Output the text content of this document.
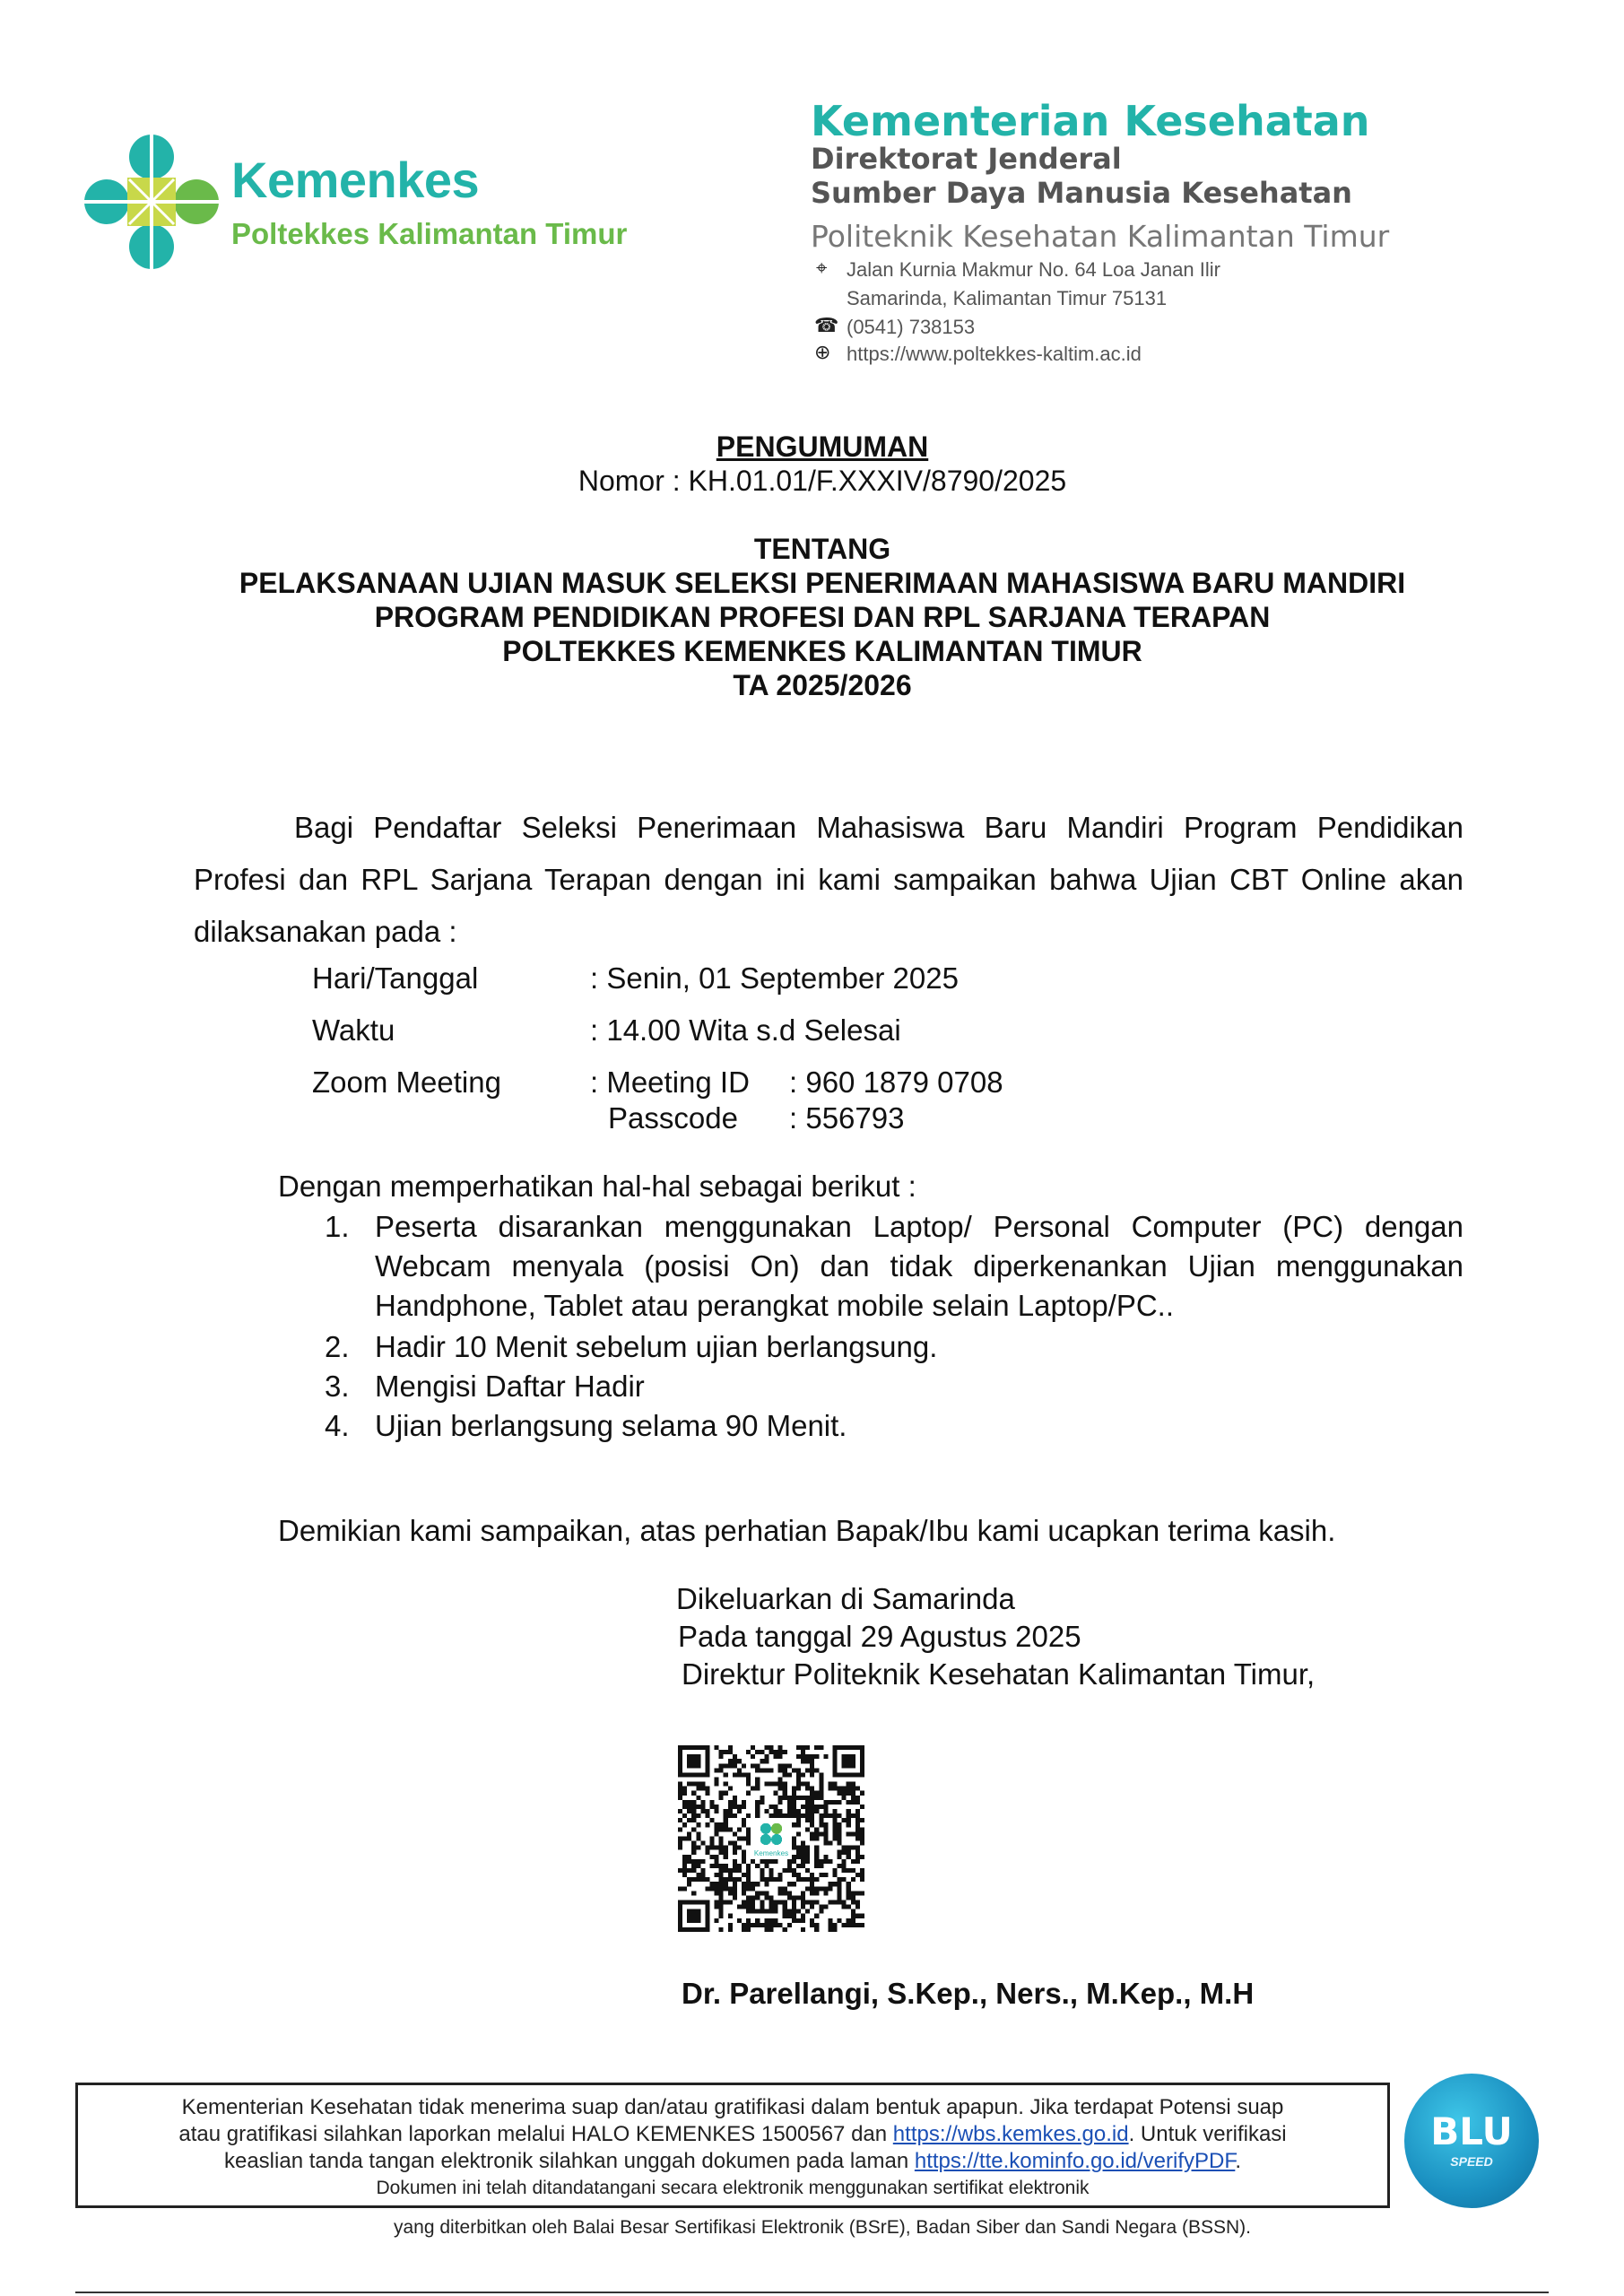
Kemenkes
Poltekkes Kalimantan Timur
Kementerian Kesehatan
Direktorat Jenderal
Sumber Daya Manusia Kesehatan
Politeknik Kesehatan Kalimantan Timur
⌖ Jalan Kurnia Makmur No. 64 Loa Janan Ilir
Samarinda, Kalimantan Timur 75131
☎ (0541) 738153
⊕ https://www.poltekkes-kaltim.ac.id
PENGUMUMAN
Nomor : KH.01.01/F.XXXIV/8790/2025
TENTANG
PELAKSANAAN UJIAN MASUK SELEKSI PENERIMAAN MAHASISWA BARU MANDIRI
PROGRAM PENDIDIKAN PROFESI DAN RPL SARJANA TERAPAN
POLTEKKES KEMENKES KALIMANTAN TIMUR
TA 2025/2026
Bagi Pendaftar Seleksi Penerimaan Mahasiswa Baru Mandiri Program Pendidikan Profesi dan RPL Sarjana Terapan dengan ini kami sampaikan bahwa Ujian CBT Online akan dilaksanakan pada :
Hari/Tanggal	: Senin, 01 September 2025
Waktu	: 14.00 Wita s.d Selesai
Zoom Meeting	: Meeting ID : 960 1879 0708
Passcode : 556793
Dengan memperhatikan hal-hal sebagai berikut :
1. Peserta disarankan menggunakan Laptop/ Personal Computer (PC) dengan Webcam menyala (posisi On) dan tidak diperkenankan Ujian menggunakan Handphone, Tablet atau perangkat mobile selain Laptop/PC..
2. Hadir 10 Menit sebelum ujian berlangsung.
3. Mengisi Daftar Hadir
4. Ujian berlangsung selama 90 Menit.
Demikian kami sampaikan, atas perhatian Bapak/Ibu kami ucapkan terima kasih.
Dikeluarkan di Samarinda
Pada tanggal 29 Agustus 2025
Direktur Politeknik Kesehatan Kalimantan Timur,
Kemenkes
Dr. Parellangi, S.Kep., Ners., M.Kep., M.H
Kementerian Kesehatan tidak menerima suap dan/atau gratifikasi dalam bentuk apapun. Jika terdapat Potensi suap
atau gratifikasi silahkan laporkan melalui HALO KEMENKES 1500567 dan https://wbs.kemkes.go.id. Untuk verifikasi
keaslian tanda tangan elektronik silahkan unggah dokumen pada laman https://tte.kominfo.go.id/verifyPDF.
Dokumen ini telah ditandatangani secara elektronik menggunakan sertifikat elektronik
yang diterbitkan oleh Balai Besar Sertifikasi Elektronik (BSrE), Badan Siber dan Sandi Negara (BSSN).
BLU
SPEED
